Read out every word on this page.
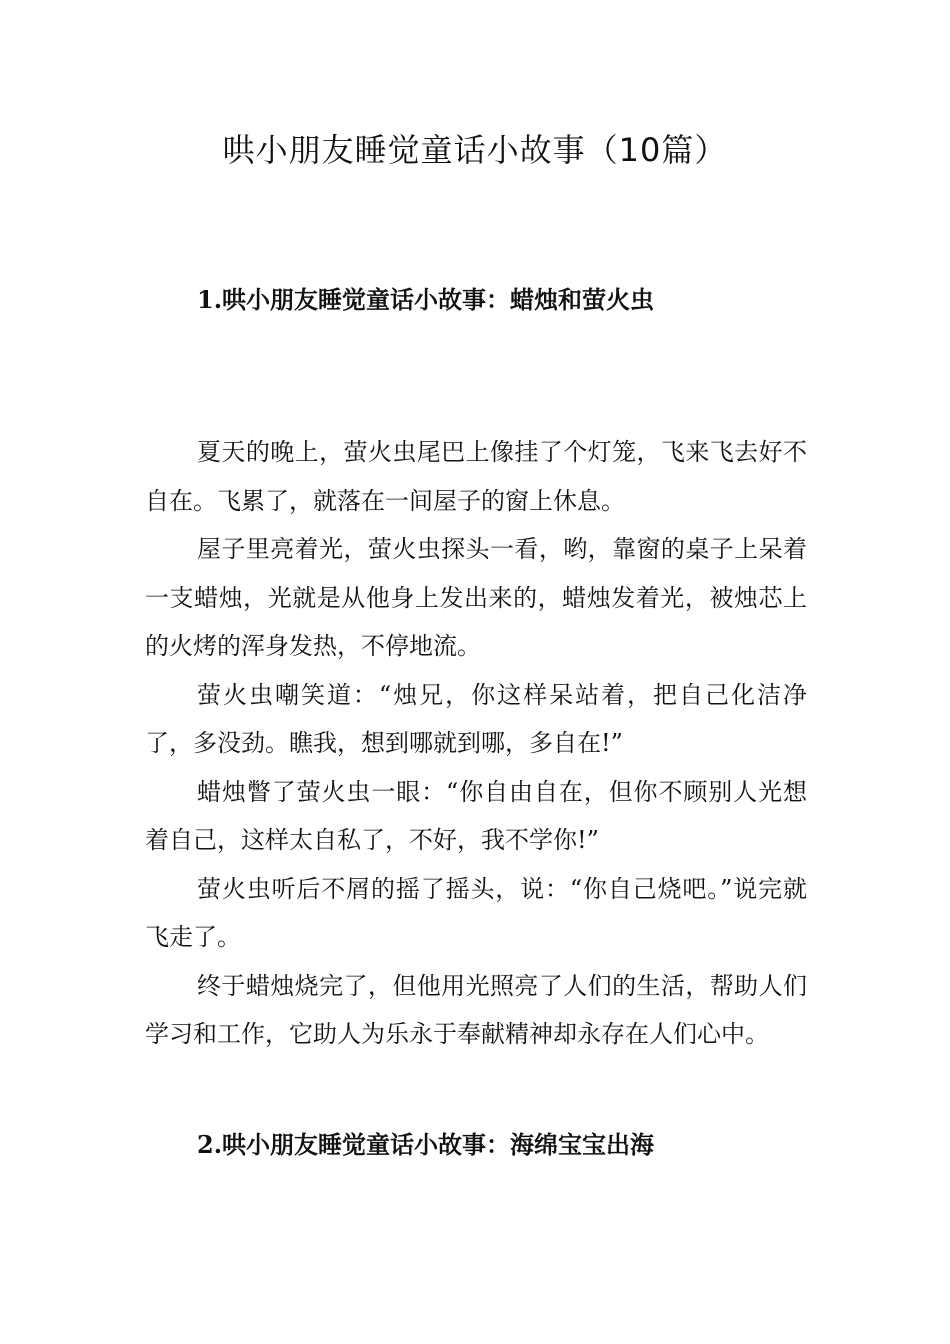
哄小朋友睡觉童话小故事（10篇）
1.哄小朋友睡觉童话小故事：蜡烛和萤火虫

夏天的晚上，萤火虫尾巴上像挂了个灯笼，飞来飞去好不自在。飞累了，就落在一间屋子的窗上休息。

屋子里亮着光，萤火虫探头一看，哟，靠窗的桌子上呆着一支蜡烛，光就是从他身上发出来的，蜡烛发着光，被烛芯上的火烤的浑身发热，不停地流。

萤火虫嘲笑道：“烛兄，你这样呆站着，把自己化洁净了，多没劲。瞧我，想到哪就到哪，多自在!”

蜡烛瞥了萤火虫一眼：“你自由自在，但你不顾别人光想着自己，这样太自私了，不好，我不学你!”

萤火虫听后不屑的摇了摇头，说：“你自己烧吧。”说完就飞走了。

终于蜡烛烧完了，但他用光照亮了人们的生活，帮助人们学习和工作，它助人为乐永于奉献精神却永存在人们心中。

2.哄小朋友睡觉童话小故事：海绵宝宝出海
